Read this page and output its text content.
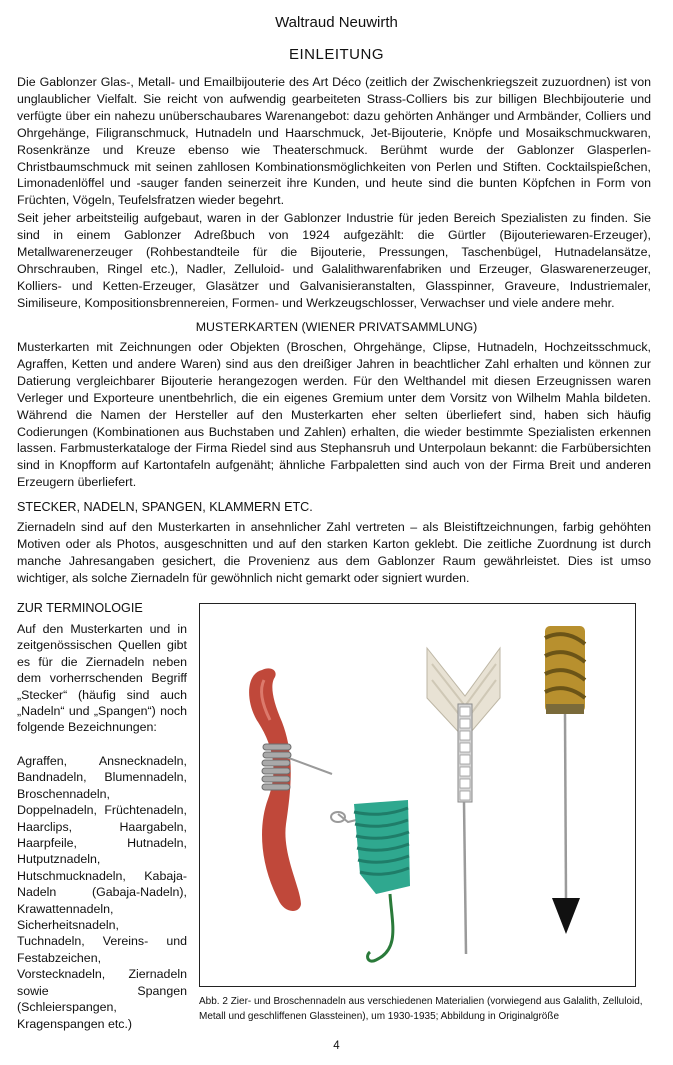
Waltraud Neuwirth
EINLEITUNG

Die Gablonzer Glas-, Metall- und Emailbijouterie des Art Déco (zeitlich der Zwischenkriegszeit zuzuordnen) ist von unglaublicher Vielfalt. Sie reicht von aufwendig gearbeiteten Strass-Colliers bis zur billigen Blechbijouterie und verfügte über ein nahezu unüberschaubares Warenangebot: dazu gehörten Anhänger und Armbänder, Colliers und Ohrgehänge, Filigranschmuck, Hutnadeln und Haarschmuck, Jet-Bijouterie, Knöpfe und Mosaikschmuckwaren, Rosenkränze und Kreuze ebenso wie Theaterschmuck. Berühmt wurde der Gablonzer Glasperlen-Christbaumschmuck mit seinen zahllosen Kombinationsmöglichkeiten von Perlen und Stiften. Cocktailspießchen, Limonadenlöffel und -sauger fanden seinerzeit ihre Kunden, und heute sind die bunten Köpfchen in Form von Früchten, Vögeln, Teufelsfratzen wieder begehrt.

Seit jeher arbeitsteilig aufgebaut, waren in der Gablonzer Industrie für jeden Bereich Spezialisten zu finden. Sie sind in einem Gablonzer Adreßbuch von 1924 aufgezählt: die Gürtler (Bijouteriewaren-Erzeuger), Metallwarenerzeuger (Rohbestandteile für die Bijouterie, Pressungen, Taschenbügel, Hutnadelansätze, Ohrschrauben, Ringel etc.), Nadler, Zelluloid- und Galalithwarenfabriken und Erzeuger, Glaswarenerzeuger, Kolliers- und Ketten-Erzeuger, Glasätzer und Galvanisieranstalten, Glasspinner, Graveure, Industriemaler, Similiseure, Kompositionsbrennereien, Formen- und Werkzeugschlosser, Verwachser und viele andere mehr.

MUSTERKARTEN (WIENER PRIVATSAMMLUNG)

Musterkarten mit Zeichnungen oder Objekten (Broschen, Ohrgehänge, Clipse, Hutnadeln, Hochzeitsschmuck, Agraffen, Ketten und andere Waren) sind aus den dreißiger Jahren in beachtlicher Zahl erhalten und können zur Datierung vergleichbarer Bijouterie herangezogen werden. Für den Welthandel mit diesen Erzeugnissen waren Verleger und Exporteure unentbehrlich, die ein eigenes Gremium unter dem Vorsitz von Wilhelm Mahla bildeten. Während die Namen der Hersteller auf den Musterkarten eher selten überliefert sind, haben sich häufig Codierungen (Kombinationen aus Buchstaben und Zahlen) erhalten, die wieder bestimmte Spezialisten erkennen lassen. Farbmusterkataloge der Firma Riedel sind aus Stephansruh und Unterpolaun bekannt: die Farbübersichten sind in Knopfform auf Kartontafeln aufgenäht; ähnliche Farbpaletten sind auch von der Firma Breit und anderen Erzeugern überliefert.

STECKER, NADELN, SPANGEN, KLAMMERN ETC.

Ziernadeln sind auf den Musterkarten in ansehnlicher Zahl vertreten – als Bleistiftzeichnungen, farbig gehöhten Motiven oder als Photos, ausgeschnitten und auf den starken Karton geklebt. Die zeitliche Zuordnung ist durch manche Jahresangaben gesichert, die Provenienz aus dem Gablonzer Raum gewährleistet. Dies ist umso wichtiger, als solche Ziernadeln für gewöhnlich nicht gemarkt oder signiert wurden.

ZUR TERMINOLOGIE

Auf den Musterkarten und in zeitgenössischen Quellen gibt es für die Ziernadeln neben dem vorherrschenden Begriff „Stecker“ (häufig sind auch „Nadeln“ und „Spangen“) noch folgende Bezeichnungen:

Agraffen, Ansnecknadeln, Bandnadeln, Blumennadeln, Broschennadeln, Doppelnadeln, Früchtenadeln, Haarclips, Haargabeln, Haarpfeile, Hutnadeln, Hutputznadeln, Hutschmucknadeln, Kabaja-Nadeln (Gabaja-Nadeln), Krawattennadeln, Sicherheitsnadeln, Tuchnadeln, Vereins- und Festabzeichen, Vorstecknadeln, Ziernadeln sowie Spangen (Schleierspangen, Kragenspangen etc.)

Abb. 2 Zier- und Broschennadeln aus verschiedenen Materialien (vorwiegend aus Galalith, Zelluloid, Metall und geschliffenen Glassteinen), um 1930-1935; Abbildung in Originalgröße

4
